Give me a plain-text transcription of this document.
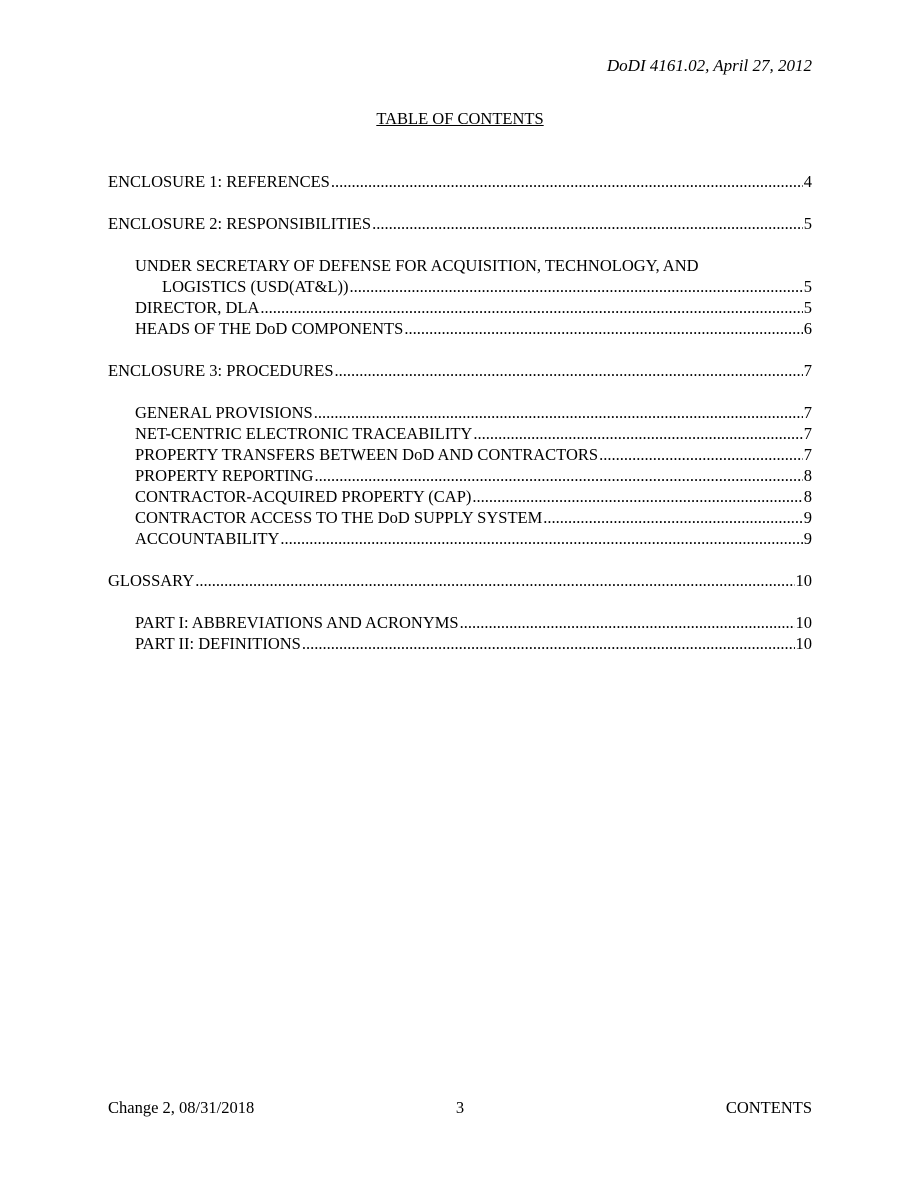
DoDI 4161.02, April 27, 2012
TABLE OF CONTENTS
ENCLOSURE 1: REFERENCES .....	4
ENCLOSURE 2: RESPONSIBILITIES .....	5
UNDER SECRETARY OF DEFENSE FOR ACQUISITION, TECHNOLOGY, AND
LOGISTICS (USD(AT&L)) .....	5
DIRECTOR, DLA .....	5
HEADS OF THE DoD COMPONENTS .....	6
ENCLOSURE 3: PROCEDURES .....	7
GENERAL PROVISIONS .....	7
NET-CENTRIC ELECTRONIC TRACEABILITY .....	7
PROPERTY TRANSFERS BETWEEN DoD AND CONTRACTORS .....	7
PROPERTY REPORTING .....	8
CONTRACTOR-ACQUIRED PROPERTY (CAP) .....	8
CONTRACTOR ACCESS TO THE DoD SUPPLY SYSTEM .....	9
ACCOUNTABILITY .....	9
GLOSSARY .....	10
PART I: ABBREVIATIONS AND ACRONYMS .....	10
PART II: DEFINITIONS .....	10
Change 2, 08/31/2018	3	CONTENTS
